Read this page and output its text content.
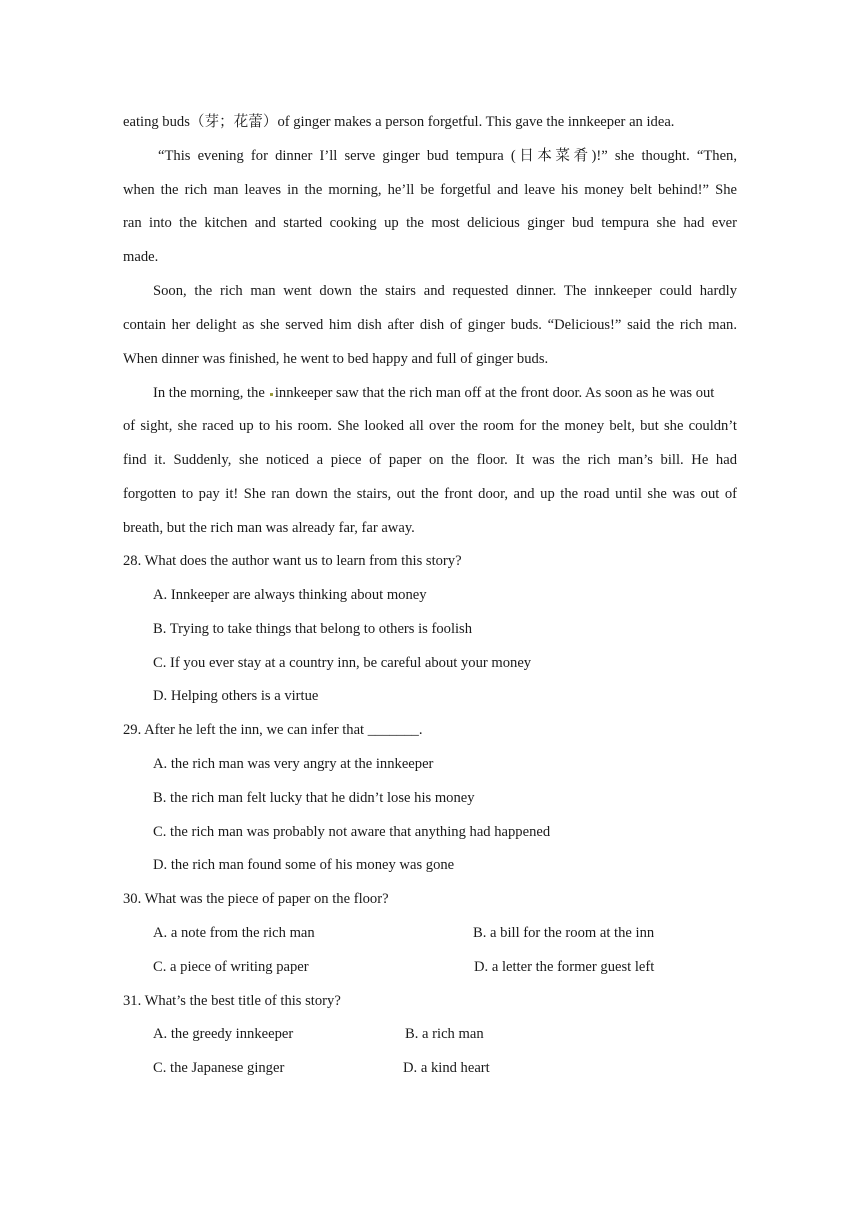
eating buds（芽；花蕾）of ginger makes a person forgetful. This gave the innkeeper an idea.
“This evening for dinner I’ll serve ginger bud tempura (日本菜肴)!” she thought. “Then,
when the rich man leaves in the morning, he’ll be forgetful and leave his money belt behind!” She
ran into the kitchen and started cooking up the most delicious ginger bud tempura she had ever
made.
Soon, the rich man went down the stairs and requested dinner. The innkeeper could hardly
contain her delight as she served him dish after dish of ginger buds. “Delicious!” said the rich man.
When dinner was finished, he went to bed happy and full of ginger buds.
In the morning, the innkeeper saw that the rich man off at the front door. As soon as he was out
of sight, she raced up to his room. She looked all over the room for the money belt, but she couldn’t
find it. Suddenly, she noticed a piece of paper on the floor. It was the rich man’s bill. He had
forgotten to pay it! She ran down the stairs, out the front door, and up the road until she was out of
breath, but the rich man was already far, far away.
28. What does the author want us to learn from this story?
A. Innkeeper are always thinking about money
B. Trying to take things that belong to others is foolish
C. If you ever stay at a country inn, be careful about your money
D. Helping others is a virtue
29. After he left the inn, we can infer that _______.
A. the rich man was very angry at the innkeeper
B. the rich man felt lucky that he didn’t lose his money
C. the rich man was probably not aware that anything had happened
D. the rich man found some of his money was gone
30. What was the piece of paper on the floor?
A. a note from the rich man	B. a bill for the room at the inn
C. a piece of writing paper	D. a letter the former guest left
31. What’s the best title of this story?
A. the greedy innkeeper	B. a rich man
C. the Japanese ginger	D. a kind heart
